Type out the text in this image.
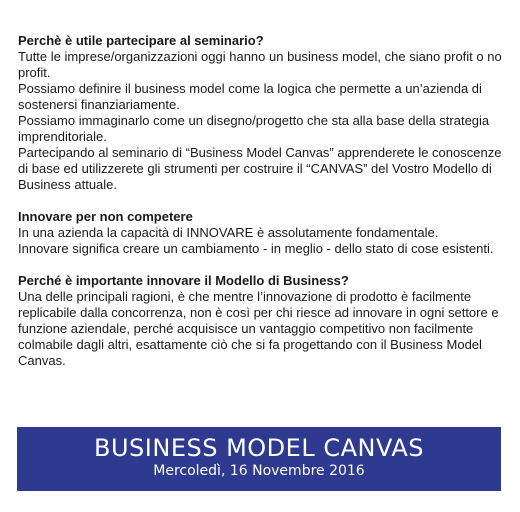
Perchè è utile partecipare al seminario?

Tutte le imprese/organizzazioni oggi hanno un business model, che siano profit o no profit.

Possiamo definire il business model come la logica che permette a un’azienda di sostenersi finanziariamente.

Possiamo immaginarlo come un disegno/progetto che sta alla base della strategia imprenditoriale.

Partecipando al seminario di “Business Model Canvas” apprenderete le conoscenze di base ed utilizzerete gli strumenti per costruire il “CANVAS” del Vostro Modello di Business attuale.

Innovare per non competere

In una azienda la capacità di INNOVARE è assolutamente fondamentale.

Innovare significa creare un cambiamento - in meglio - dello stato di cose esistenti.

Perché è importante innovare il Modello di Business?

Una delle principali ragioni, è che mentre l’innovazione di prodotto è facilmente replicabile dalla concorrenza, non è così per chi riesce ad innovare in ogni settore e funzione aziendale, perché acquisisce un vantaggio competitivo non facilmente colmabile dagli altri, esattamente ciò che si fa progettando con il Business Model Canvas.

BUSINESS MODEL CANVAS
Mercoledì, 16 Novembre 2016
